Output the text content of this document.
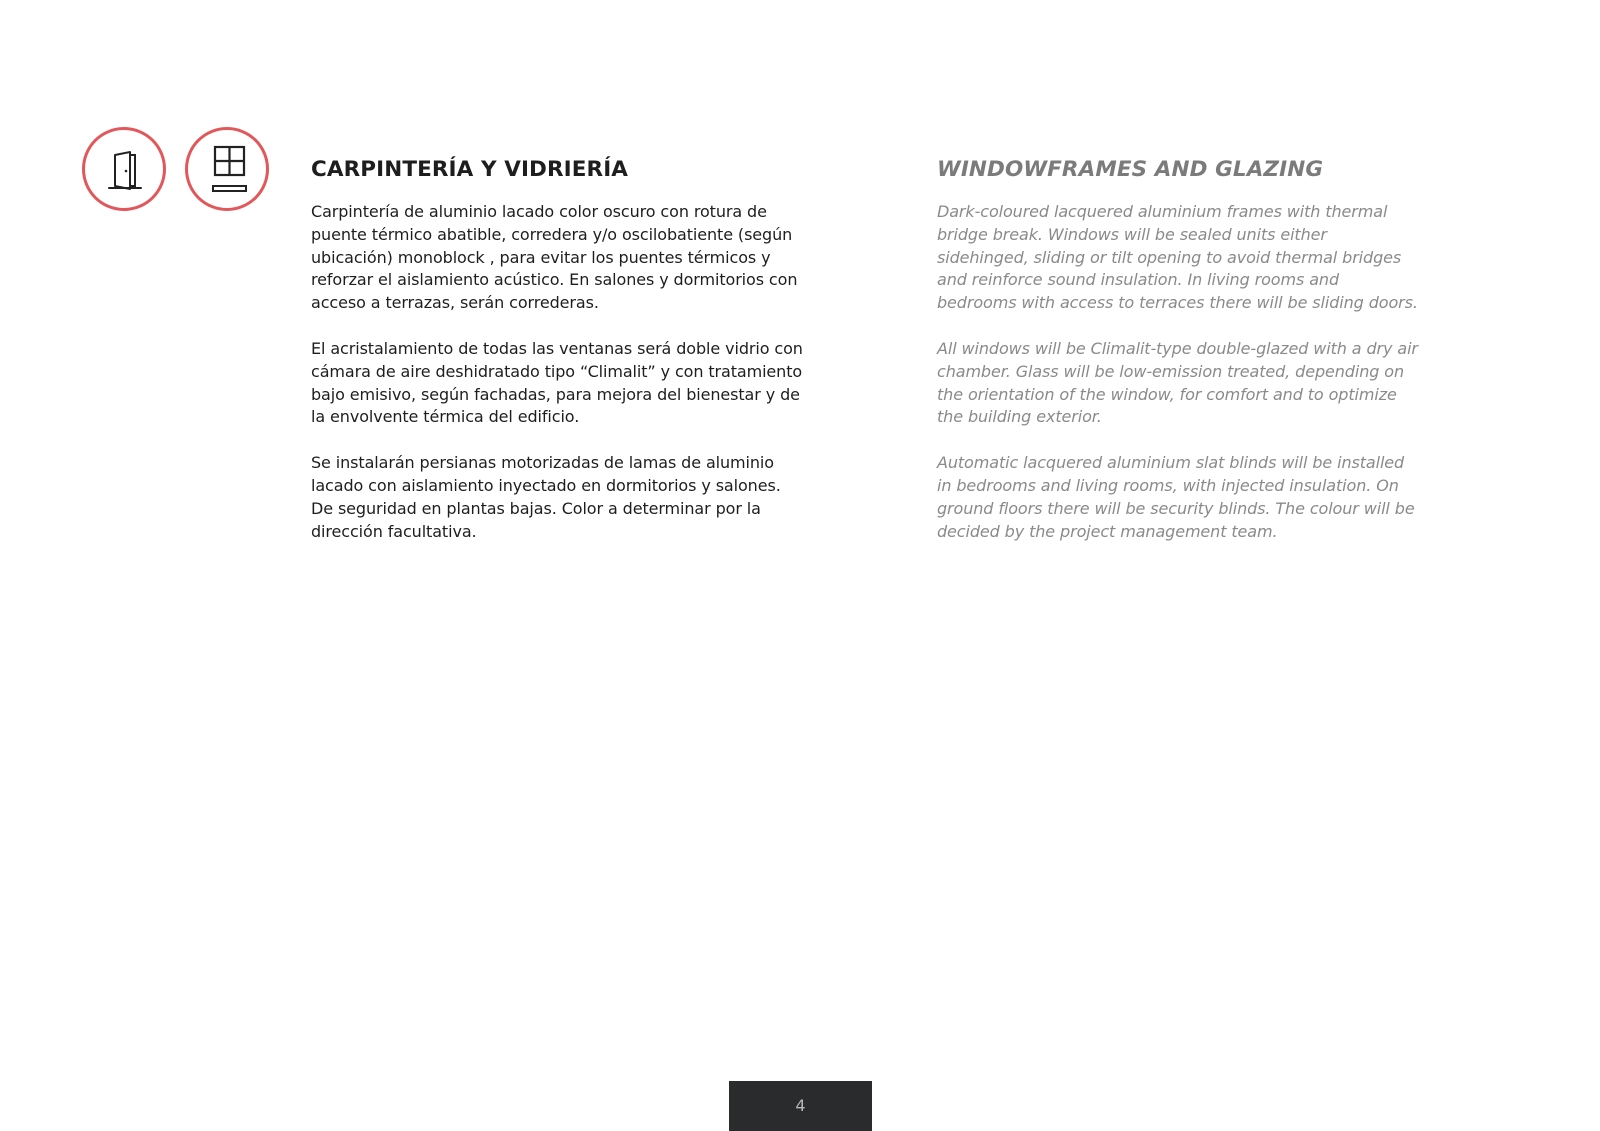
CARPINTERÍA Y VIDRIERÍA

Carpintería de aluminio lacado color oscuro con rotura de puente térmico abatible, corredera y/o oscilobatiente (según ubicación) monoblock , para evitar los puentes térmicos y reforzar el aislamiento acústico. En salones y dormitorios con acceso a terrazas, serán correderas.

El acristalamiento de todas las ventanas será doble vidrio con cámara de aire deshidratado tipo “Climalit” y con tratamiento bajo emisivo, según fachadas, para mejora del bienestar y de la envolvente térmica del edificio.

Se instalarán persianas motorizadas de lamas de aluminio lacado con aislamiento inyectado en dormitorios y salones. De seguridad en plantas bajas. Color a determinar por la dirección facultativa.

WINDOWFRAMES AND GLAZING

Dark-coloured lacquered aluminium frames with thermal bridge break. Windows will be sealed units either sidehinged, sliding or tilt opening to avoid thermal bridges and reinforce sound insulation. In living rooms and bedrooms with access to terraces there will be sliding doors.

All windows will be Climalit-type double-glazed with a dry air chamber. Glass will be low-emission treated, depending on the orientation of the window, for comfort and to optimize the building exterior.

Automatic lacquered aluminium slat blinds will be installed in bedrooms and living rooms, with injected insulation. On ground floors there will be security blinds. The colour will be decided by the project management team.

4
